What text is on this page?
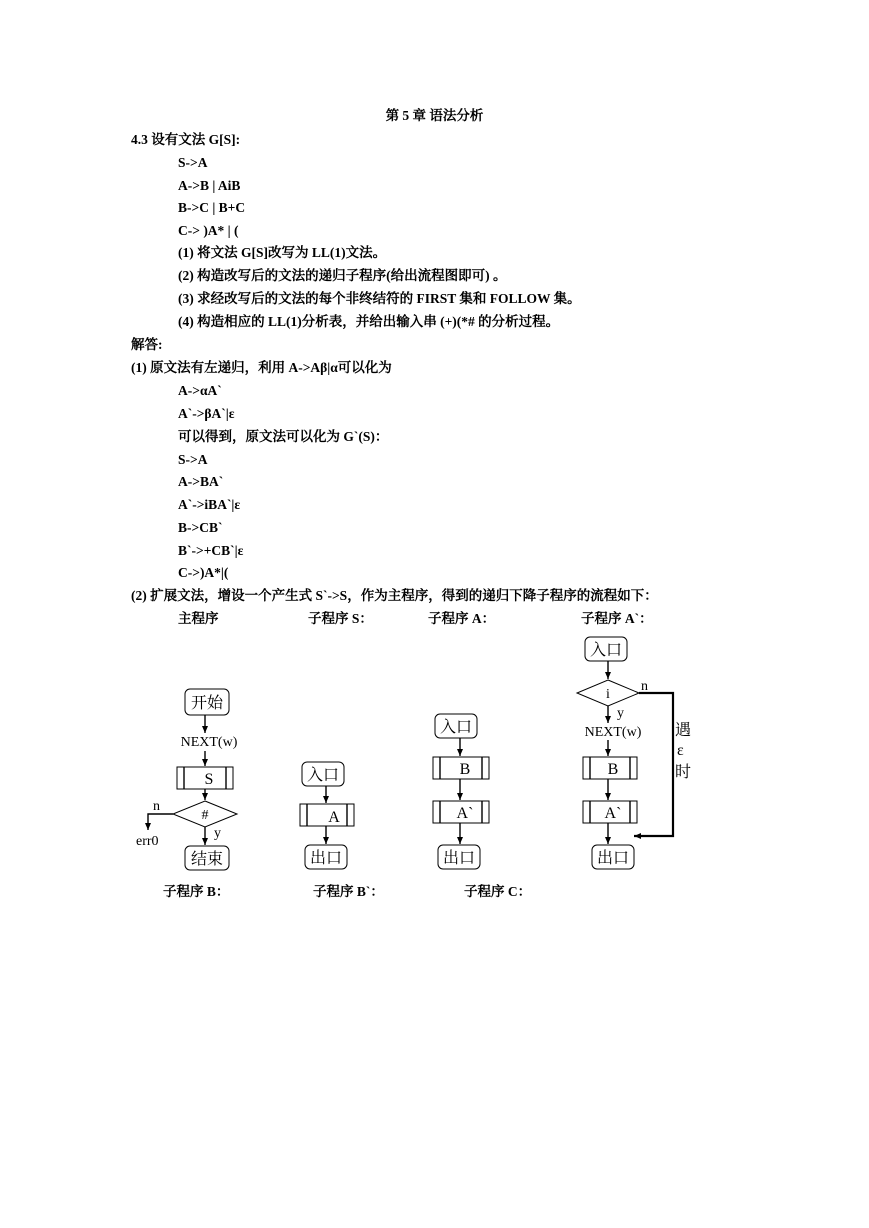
第 5 章 语法分析
4.3 设有文法 G[S]:
S->A
A->B | AiB
B->C | B+C
C-> )A* | (
(1) 将文法 G[S]改写为 LL(1)文法。
(2) 构造改写后的文法的递归子程序(给出流程图即可) 。
(3) 求经改写后的文法的每个非终结符的 FIRST 集和 FOLLOW 集。
(4) 构造相应的 LL(1)分析表，并给出输入串 (+)(*# 的分析过程。
解答:
(1) 原文法有左递归，利用 A->Aβ|α可以化为
A->αA`
A`->βA`|ε
可以得到，原文法可以化为 G`(S)：
S->A
A->BA`
A`->iBA`|ε
B->CB`
B`->+CB`|ε
C->)A*|(
(2) 扩展文法，增设一个产生式 S`->S，作为主程序，得到的递归下降子程序的流程如下：
主程序	子程序 S：	子程序 A：	子程序 A`：
子程序 B：	子程序 B`：	子程序 C：
开始
NEXT(w)
S
#
n
err0
y
结束
入口
A
出口
入口
B
A`
出口
入口
i
n
遇
ε
时
y
NEXT(w)
B
A`
出口
